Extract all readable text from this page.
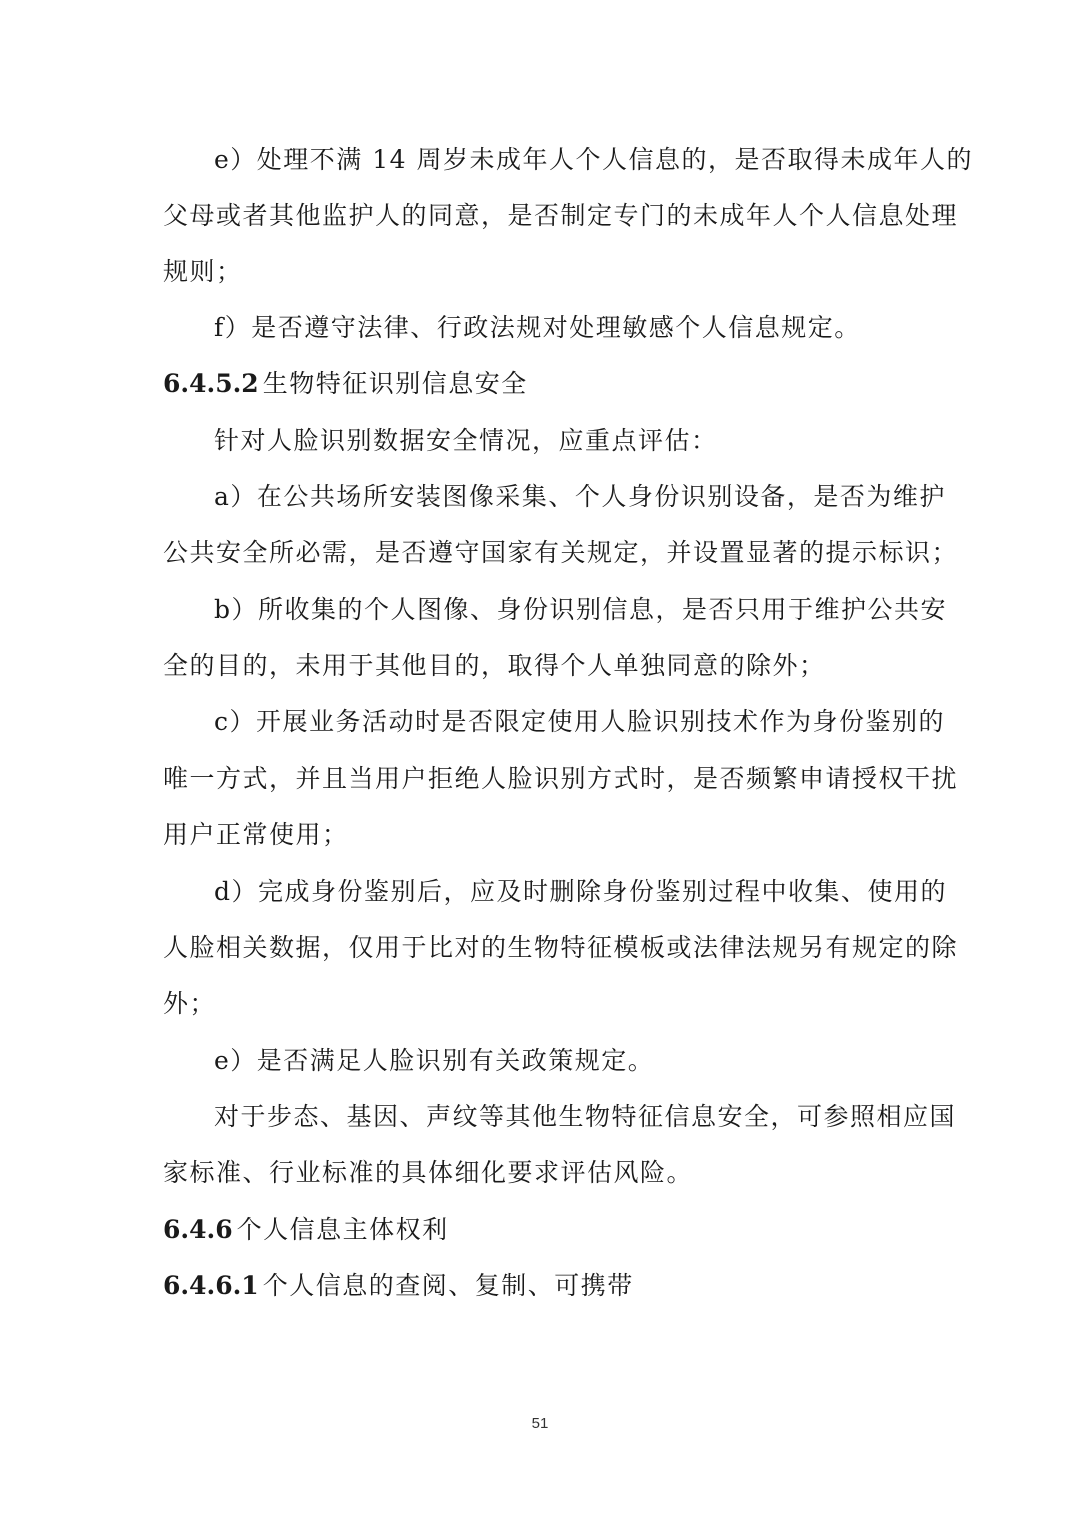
e）处理不满 14 周岁未成年人个人信息的，是否取得未成年人的
父母或者其他监护人的同意，是否制定专门的未成年人个人信息处理
规则；
f）是否遵守法律、行政法规对处理敏感个人信息规定。
6.4.5.2 生物特征识别信息安全
针对人脸识别数据安全情况，应重点评估：
a）在公共场所安装图像采集、个人身份识别设备，是否为维护
公共安全所必需，是否遵守国家有关规定，并设置显著的提示标识；
b）所收集的个人图像、身份识别信息，是否只用于维护公共安
全的目的，未用于其他目的，取得个人单独同意的除外；
c）开展业务活动时是否限定使用人脸识别技术作为身份鉴别的
唯一方式，并且当用户拒绝人脸识别方式时，是否频繁申请授权干扰
用户正常使用；
d）完成身份鉴别后，应及时删除身份鉴别过程中收集、使用的
人脸相关数据，仅用于比对的生物特征模板或法律法规另有规定的除
外；
e）是否满足人脸识别有关政策规定。
对于步态、基因、声纹等其他生物特征信息安全，可参照相应国
家标准、行业标准的具体细化要求评估风险。
6.4.6 个人信息主体权利
6.4.6.1 个人信息的查阅、复制、可携带
51
